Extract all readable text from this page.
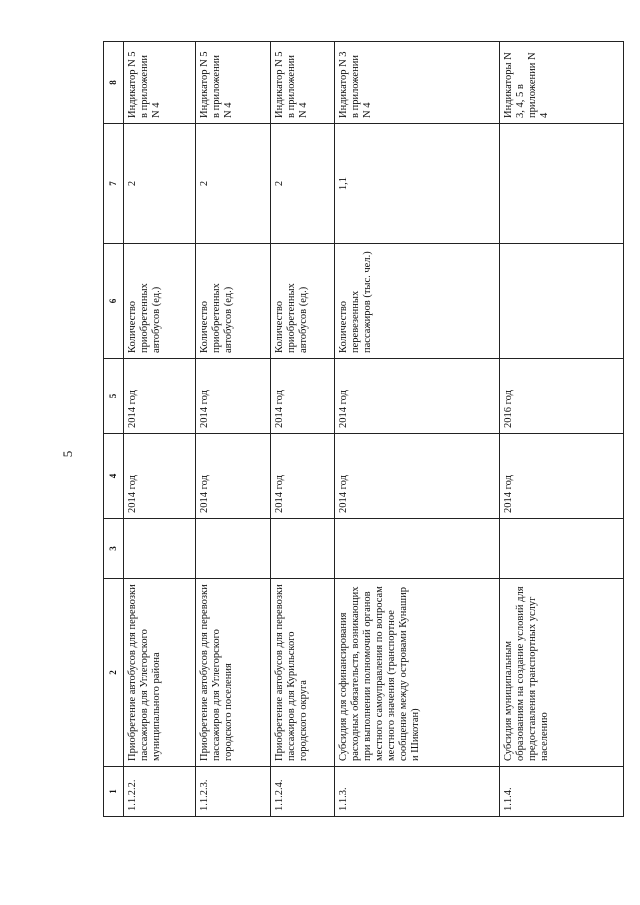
5
1	2	3	4	5	6	7	8
1.1.2.2.	Приобретение автобусов для перевозки пассажиров для Углегорского муниципального района		2014 год	2014 год	Количество приобретенных автобусов (ед.)	2	Индикатор N 5 в приложении N 4
1.1.2.3.	Приобретение автобусов для перевозки пассажиров для Углегорского городского поселения		2014 год	2014 год	Количество приобретенных автобусов (ед.)	2	Индикатор N 5 в приложении N 4
1.1.2.4.	Приобретение автобусов для перевозки пассажиров для Курильского городского округа		2014 год	2014 год	Количество приобретенных автобусов (ед.)	2	Индикатор N 5 в приложении N 4
1.1.3.	Субсидия для софинансирования расходных обязательств, возникающих при выполнении полномочий органов местного самоуправления по вопросам местного значения (транспортное сообщение между островами Кунашир и Шикотан)		2014 год	2014 год	Количество перевезенных пассажиров (тыс. чел.)	1,1	Индикатор N 3 в приложении N 4
1.1.4.	Субсидия муниципальным образованиям на создание условий для предоставления транспортных услуг населению		2014 год	2016 год			Индикаторы N 3, 4, 5 в приложении N 4
